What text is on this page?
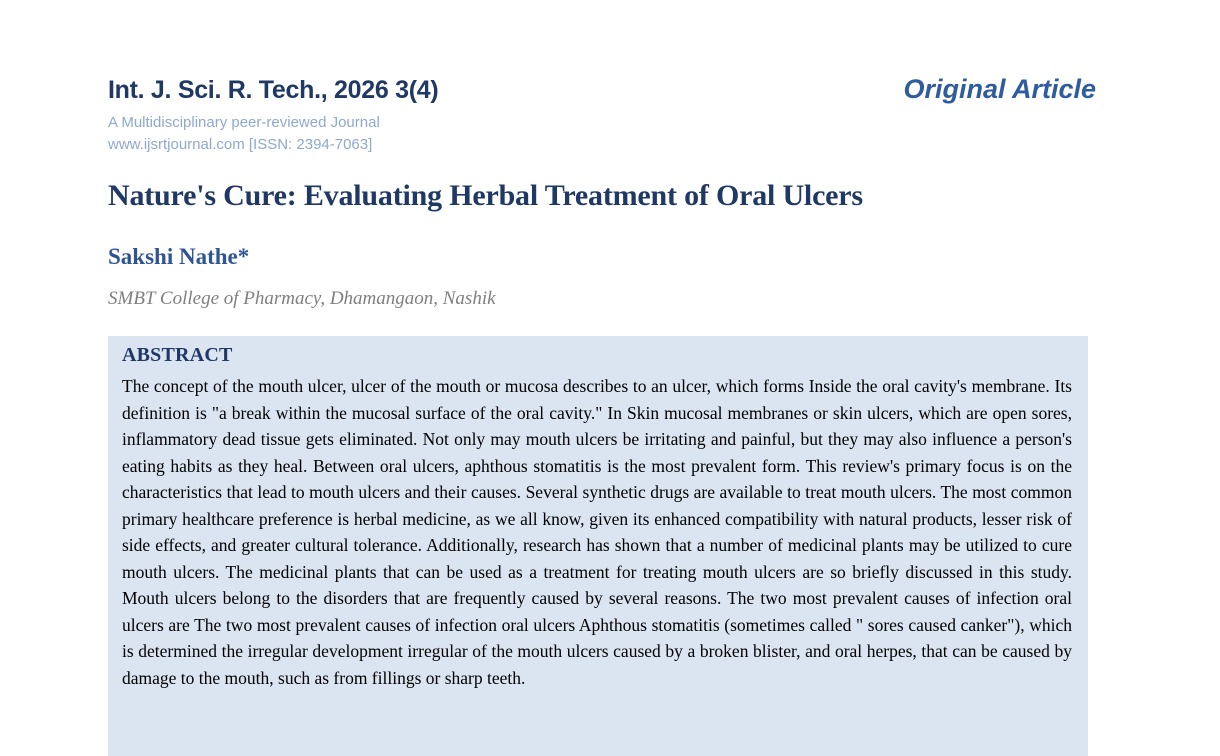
Int. J. Sci. R. Tech., 2026 3(4)
A Multidisciplinary peer-reviewed Journal
www.ijsrtjournal.com [ISSN: 2394-7063]
Original Article
Nature's Cure: Evaluating Herbal Treatment of Oral Ulcers
Sakshi Nathe*
SMBT College of Pharmacy, Dhamangaon, Nashik
ABSTRACT
The concept of the mouth ulcer, ulcer of the mouth or mucosa describes to an ulcer, which forms Inside the oral cavity's membrane. Its definition is "a break within the mucosal surface of the oral cavity." In Skin mucosal membranes or skin ulcers, which are open sores, inflammatory dead tissue gets eliminated. Not only may mouth ulcers be irritating and painful, but they may also influence a person's eating habits as they heal. Between oral ulcers, aphthous stomatitis is the most prevalent form. This review's primary focus is on the characteristics that lead to mouth ulcers and their causes. Several synthetic drugs are available to treat mouth ulcers. The most common primary healthcare preference is herbal medicine, as we all know, given its enhanced compatibility with natural products, lesser risk of side effects, and greater cultural tolerance. Additionally, research has shown that a number of medicinal plants may be utilized to cure mouth ulcers. The medicinal plants that can be used as a treatment for treating mouth ulcers are so briefly discussed in this study. Mouth ulcers belong to the disorders that are frequently caused by several reasons. The two most prevalent causes of infection oral ulcers are The two most prevalent causes of infection oral ulcers Aphthous stomatitis (sometimes called " sores caused canker"), which is determined the irregular development irregular of the mouth ulcers caused by a broken blister, and oral herpes, that can be caused by damage to the mouth, such as from fillings or sharp teeth.
